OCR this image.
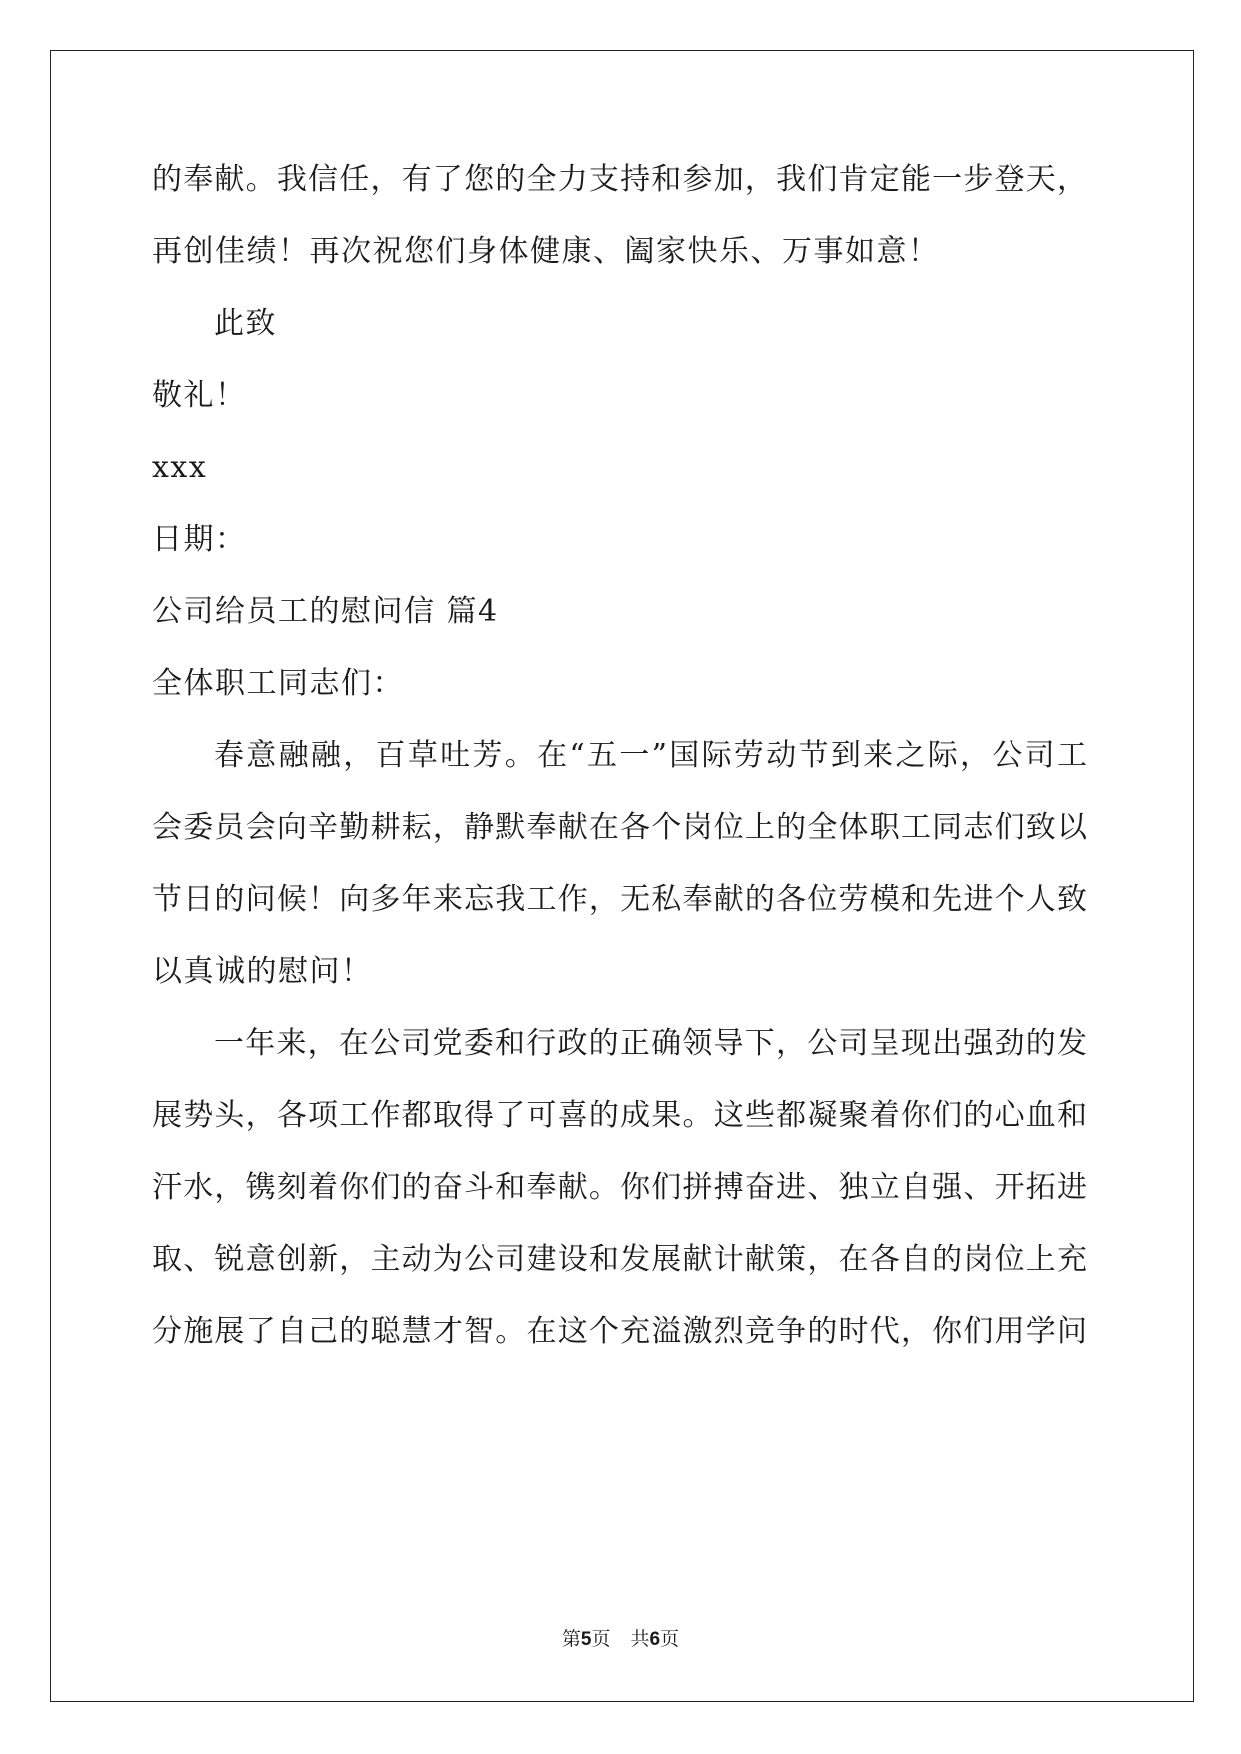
的奉献。我信任，有了您的全力支持和参加，我们肯定能一步登天，
再创佳绩！再次祝您们身体健康、阖家快乐、万事如意！
此致
敬礼！
xxx
日期：
公司给员工的慰问信 篇4
全体职工同志们：
春意融融，百草吐芳。在“五一”国际劳动节到来之际，公司工
会委员会向辛勤耕耘，静默奉献在各个岗位上的全体职工同志们致以
节日的问候！向多年来忘我工作，无私奉献的各位劳模和先进个人致
以真诚的慰问！
一年来，在公司党委和行政的正确领导下，公司呈现出强劲的发
展势头，各项工作都取得了可喜的成果。这些都凝聚着你们的心血和
汗水，镌刻着你们的奋斗和奉献。你们拼搏奋进、独立自强、开拓进
取、锐意创新，主动为公司建设和发展献计献策，在各自的岗位上充
分施展了自己的聪慧才智。在这个充溢激烈竞争的时代，你们用学问
第5页 共6页
